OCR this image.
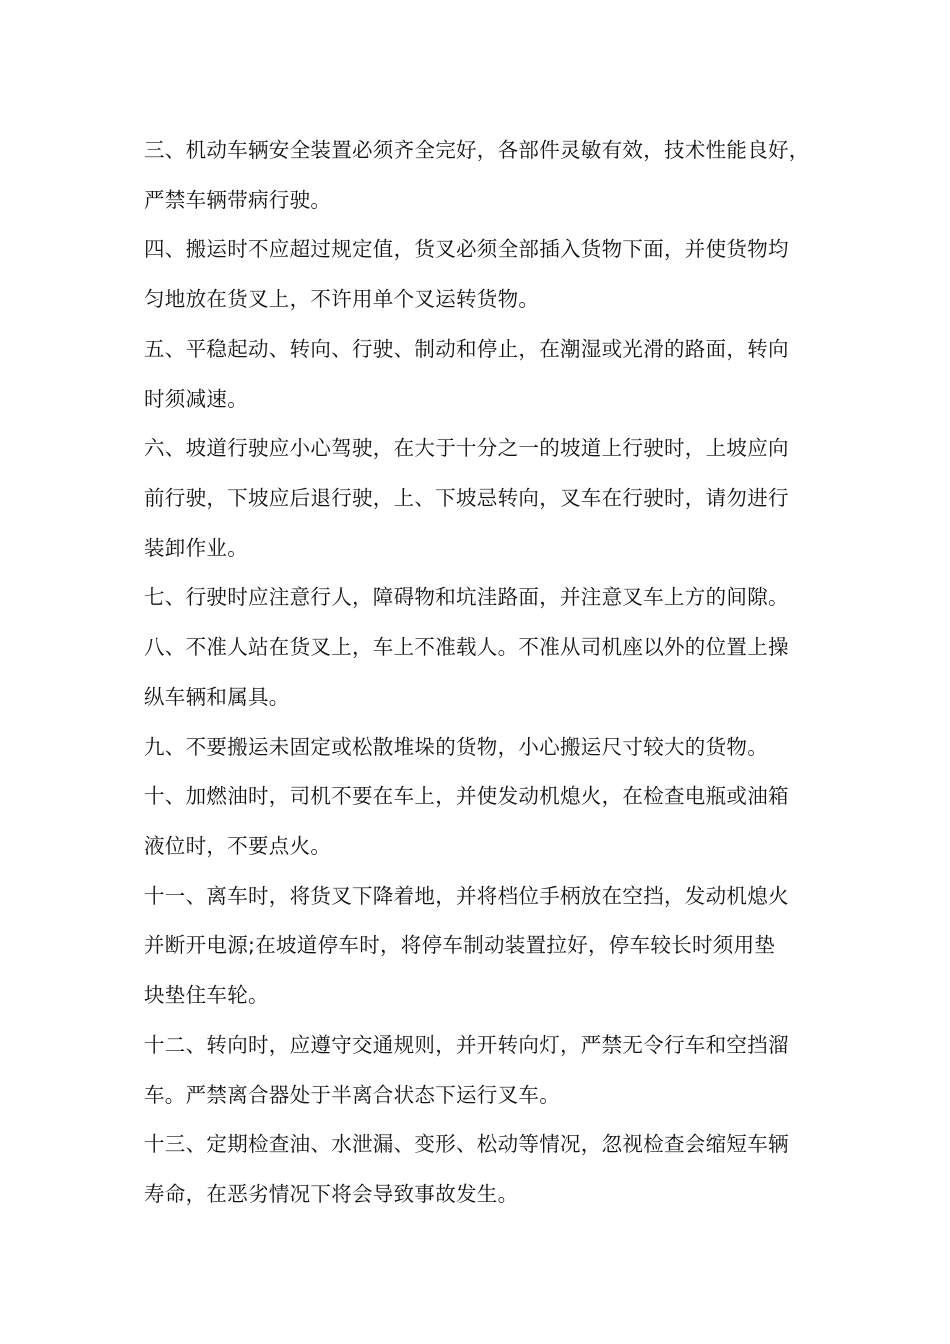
三、机动车辆安全装置必须齐全完好，各部件灵敏有效，技术性能良好，
严禁车辆带病行驶。
四、搬运时不应超过规定值，货叉必须全部插入货物下面，并使货物均
匀地放在货叉上，不许用单个叉运转货物。
五、平稳起动、转向、行驶、制动和停止，在潮湿或光滑的路面，转向
时须减速。
六、坡道行驶应小心驾驶，在大于十分之一的坡道上行驶时，上坡应向
前行驶，下坡应后退行驶，上、下坡忌转向，叉车在行驶时，请勿进行
装卸作业。
七、行驶时应注意行人，障碍物和坑洼路面，并注意叉车上方的间隙。
八、不准人站在货叉上，车上不准载人。不准从司机座以外的位置上操
纵车辆和属具。
九、不要搬运未固定或松散堆垛的货物，小心搬运尺寸较大的货物。
十、加燃油时，司机不要在车上，并使发动机熄火，在检查电瓶或油箱
液位时，不要点火。
十一、离车时，将货叉下降着地，并将档位手柄放在空挡，发动机熄火
并断开电源;在坡道停车时，将停车制动装置拉好，停车较长时须用垫
块垫住车轮。
十二、转向时，应遵守交通规则，并开转向灯，严禁无令行车和空挡溜
车。严禁离合器处于半离合状态下运行叉车。
十三、定期检查油、水泄漏、变形、松动等情况，忽视检查会缩短车辆
寿命，在恶劣情况下将会导致事故发生。
